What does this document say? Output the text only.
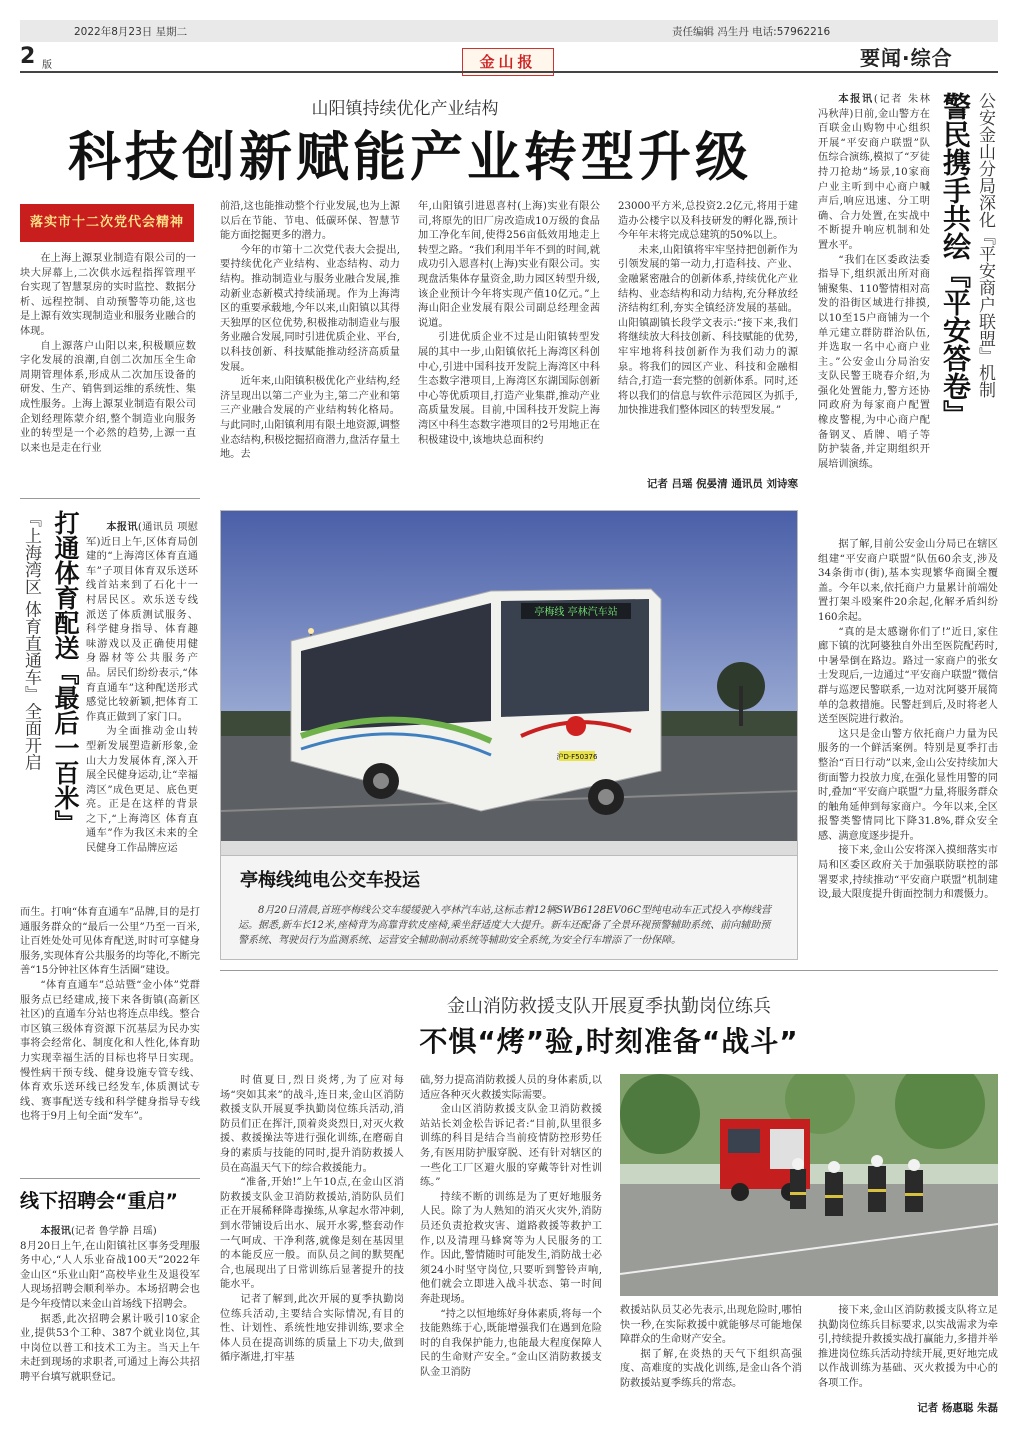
2022年8月23日 星期二	责任编辑 冯生丹 电话:57962216
2 版	金山报	要闻·综合
山阳镇持续优化产业结构
科技创新赋能产业转型升级
落实市十二次党代会精神

在上海上源泵业制造有限公司的一块大屏幕上,二次供水远程指挥管理平台实现了智慧泵房的实时监控、数据分析、远程控制、自动预警等功能,这也是上源有效实现制造业和服务业融合的体现。

自上源落户山阳以来,积极顺应数字化发展的浪潮,自创二次加压全生命周期管理体系,形成从二次加压设备的研发、生产、销售到运维的系统性、集成性服务。上海上源泵业制造有限公司企划经理陈蒙介绍,整个制造业向服务业的转型是一个必然的趋势,上源一直以来也是走在行业

前沿,这也能推动整个行业发展,也为上源以后在节能、节电、低碳环保、智慧节能方面挖掘更多的潜力。

今年的市第十二次党代表大会提出,要持续优化产业结构、业态结构、动力结构。推动制造业与服务业融合发展,推动新业态新模式持续涌现。作为上海湾区的重要承载地,今年以来,山阳镇以其得天独厚的区位优势,积极推动制造业与服务业融合发展,同时引进优质企业、平台,以科技创新、科技赋能推动经济高质量发展。

近年来,山阳镇积极优化产业结构,经济呈现出以第二产业为主,第二产业和第三产业融合发展的产业结构转化格局。与此同时,山阳镇利用有限土地资源,调整业态结构,积极挖掘招商潜力,盘活存量土地。去

年,山阳镇引进恩喜村(上海)实业有限公司,将原先的旧厂房改造成10万级的食品加工净化车间,使得256亩低效用地走上转型之路。“我们利用半年不到的时间,就成功引入恩喜村(上海)实业有限公司。实现盘活集体存量资金,助力园区转型升级,该企业预计今年将实现产值10亿元。”上海山阳企业发展有限公司副总经理金茜说道。

引进优质企业不过是山阳镇转型发展的其中一步,山阳镇依托上海湾区科创中心,引进中国科技开发院上海湾区中科生态数字港项目,上海湾区东湖国际创新中心等优质项目,打造产业集群,推动产业高质量发展。目前,中国科技开发院上海湾区中科生态数字港项目的2号用地正在积极建设中,该地块总面积约

23000平方米,总投资2.2亿元,将用于建造办公楼宇以及科技研发的孵化器,预计今年年末将完成总建筑的50%以上。

未来,山阳镇将牢牢坚持把创新作为引领发展的第一动力,打造科技、产业、金融紧密融合的创新体系,持续优化产业结构、业态结构和动力结构,充分释放经济结构红利,夯实全镇经济发展的基础。山阳镇副镇长段学文表示:“接下来,我们将继续放大科技创新、科技赋能的优势,牢牢地将科技创新作为我们动力的源泉。将我们的园区产业、科技和金融相结合,打造一套完整的创新体系。同时,还将以我们的信息与软件示范园区为抓手,加快推进我们整体园区的转型发展。”

记者 吕瑶 倪晏清 通讯员 刘诗寒
亭梅线 亭林汽车站
沪D·F50376
亭梅线纯电公交车投运
8月20日清晨,首班亭梅线公交车缓缓驶入亭林汽车站,这标志着12辆SWB6128EV06C型纯电动车正式投入亭梅线营运。据悉,新车长12米,座椅背为高靠背软皮座椅,乘坐舒适度大大提升。新车还配备了全景环视预警辅助系统、前向辅助预警系统、驾驶员行为监测系统、运营安全辅助制动系统等辅助安全系统,为安全行车增添了一份保障。
打通体育配送『最后一百米』
『上海湾区 体育直通车』全面开启	本报讯(通讯员 项慰军)近日上午,区体育局创建的“上海湾区体育直通车”子项目体育双乐送环线首站来到了石化十一村居民区。欢乐送专线派送了体质测试服务、科学健身指导、体育趣味游戏以及正确使用健身器材等公共服务产品。居民们纷纷表示,“体育直通车”这种配送形式感觉比较新颖,把体育工作真正做到了家门口。

为全面推动金山转型新发展塑造新形象,金山大力发展体育,深入开展全民健身运动,让“幸福湾区”成色更足、底色更亮。正是在这样的背景之下,“上海湾区 体育直通车”作为我区未来的全民健身工作品牌应运

而生。打响“体育直通车”品牌,目的是打通服务群众的“最后一公里”乃至一百米,让百姓处处可见体育配送,时时可享健身服务,实现体育公共服务的均等化,不断完善“15分钟社区体育生活圈”建设。

“体育直通车”总站暨“金小体”党群服务点已经建成,接下来各街镇(高新区社区)的直通车分站也将连点串线。整合市区镇三级体育资源下沉基层为民办实事将会经常化、制度化和人性化,体育助力实现幸福生活的目标也将早日实现。慢性病干预专线、健身设施专管专线、体育欢乐送环线已经发车,体质测试专线、赛事配送专线和科学健身指导专线也将于9月上旬全面“发车”。

线下招聘会“重启”

本报讯(记者 鲁学静 吕瑶)

8月20日上午,在山阳镇社区事务受理服务中心,“人人乐业奋战100天”2022年金山区“乐业山阳”高校毕业生及退役军人现场招聘会顺利举办。本场招聘会也是今年疫情以来金山首场线下招聘会。

据悉,此次招聘会累计吸引10家企业,提供53个工种、387个就业岗位,其中岗位以普工和技术工为主。当天上午未赶到现场的求职者,可通过上海公共招聘平台填写就职登记。

公安金山分局深化『平安商户联盟』机制
警民携手共绘『平安答卷』

本报讯(记者 朱林 冯秋萍)日前,金山警方在百联金山购物中心组织开展“平安商户联盟”队伍综合演练,模拟了“歹徒持刀抢劫”场景,10家商户业主听到中心商户喊声后,响应迅速、分工明确、合力处置,在实战中不断提升响应机制和处置水平。

“我们在区委政法委指导下,组织派出所对商铺聚集、110警情相对高发的沿街区域进行排摸,以10至15户商铺为一个单元建立群防群治队伍,并选取一名中心商户业主。”公安金山分局治安支队民警王晓春介绍,为强化处置能力,警方还协同政府为每家商户配置橡皮警棍,为中心商户配备钢叉、盾牌、哨子等防护装备,并定期组织开展培训演练。

据了解,目前公安金山分局已在辖区组建“平安商户联盟”队伍60余支,涉及34条街市(街),基本实现繁华商圈全覆盖。今年以来,依托商户力量累计前端处置打架斗殴案件20余起,化解矛盾纠纷160余起。

“真的是太感谢你们了!”近日,家住廊下镇的沈阿婆独自外出至医院配药时,中暑晕倒在路边。路过一家商户的张女士发现后,一边通过“平安商户联盟”微信群与巡逻民警联系,一边对沈阿婆开展简单的急救措施。民警赶到后,及时将老人送至医院进行救治。

这只是金山警方依托商户力量为民服务的一个鲜活案例。特别是夏季打击整治“百日行动”以来,金山公安持续加大街面警力投放力度,在强化显性用警的同时,叠加“平安商户联盟”力量,将服务群众的触角延伸到每家商户。今年以来,全区报警类警情同比下降31.8%,群众安全感、满意度逐步提升。

接下来,金山公安将深入摸细落实市局和区委区政府关于加强联防联控的部署要求,持续推动“平安商户联盟”机制建设,最大限度提升街面控制力和震慑力。

金山消防救援支队开展夏季执勤岗位练兵
不惧“烤”验,时刻准备“战斗”

时值夏日,烈日炎烤,为了应对每场“突如其来”的战斗,连日来,金山区消防救援支队开展夏季执勤岗位练兵活动,消防员们正在挥汗,顶着炎炎烈日,对灭火救援、救援操法等进行强化训练,在磨砺自身的素质与技能的同时,提升消防救援人员在高温天气下的综合救援能力。

“准备,开始!”上午10点,在金山区消防救援支队金卫消防救援站,消防队员们正在开展稀释降毒操练,从拿起水带冲刺,到水带铺设后出水、展开水雾,整套动作一气呵成、干净利落,就像是刻在基因里的本能反应一般。而队员之间的默契配合,也展现出了日常训练后显著提升的技能水平。

记者了解到,此次开展的夏季执勤岗位练兵活动,主要结合实际情况,有目的性、计划性、系统性地安排训练,要求全体人员在提高训练的质量上下功夫,做到循序渐进,打牢基

础,努力提高消防救援人员的身体素质,以适应各种灭火救援实际需要。

金山区消防救援支队金卫消防救援站站长刘金松告诉记者:“目前,队里很多训练的科目是结合当前疫情防控形势任务,有医用防护服穿脱、还有针对辖区的一些化工厂区避火服的穿戴等针对性训练。”

持续不断的训练是为了更好地服务人民。除了为人熟知的消灭火灾外,消防员还负责抢救灾害、道路救援等救护工作,以及清理马蜂窝等为人民服务的工作。因此,警情随时可能发生,消防战士必须24小时坚守岗位,只要听到警铃声响,他们就会立即进入战斗状态、第一时间奔赴现场。

“持之以恒地练好身体素质,将每一个技能熟练于心,既能增强我们在遇到危险时的自我保护能力,也能最大程度保障人民的生命财产安全。”金山区消防救援支队金卫消防

救援站队员艾必先表示,出现危险时,哪怕快一秒,在实际救援中就能够尽可能地保障群众的生命财产安全。

据了解,在炎热的天气下组织高强度、高难度的实战化训练,是金山各个消防救援站夏季练兵的常态。

接下来,金山区消防救援支队将立足执勤岗位练兵目标要求,以实战需求为牵引,持续提升救援实战打赢能力,多措并举推进岗位练兵活动持续开展,更好地完成以作战训练为基础、灭火救援为中心的各项工作。

记者 杨惠聪 朱磊
